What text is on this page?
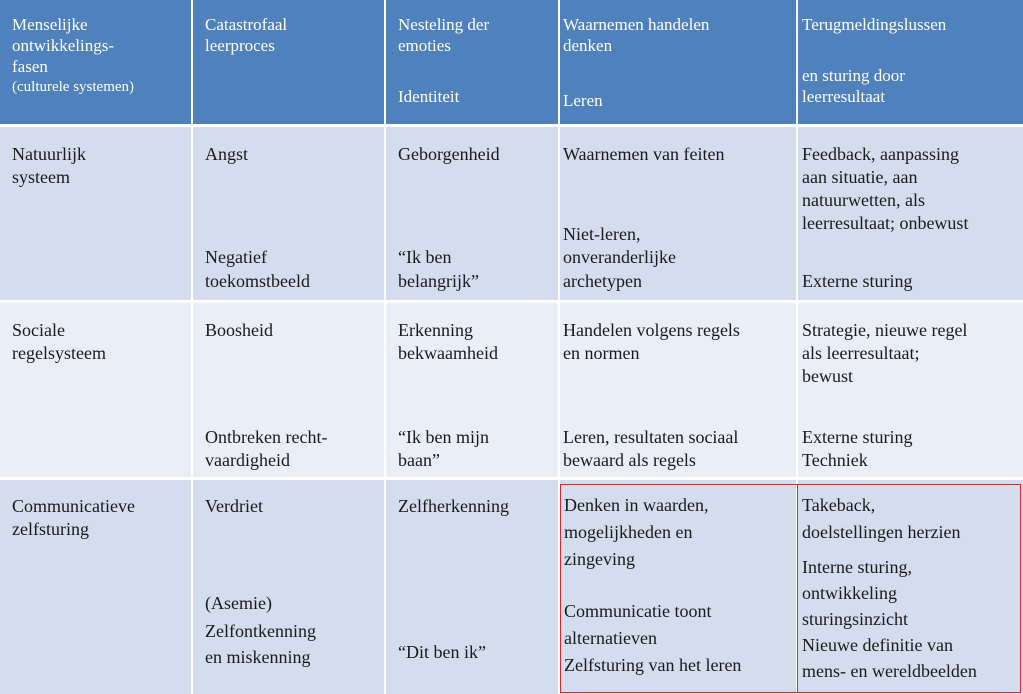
Menselijke
ontwikkelings-
fasen
(culturele systemen)
Catastrofaal
leerproces
Nesteling der
emoties
Identiteit
Waarnemen handelen
denken
Leren
Terugmeldingslussen
en sturing door
leerresultaat
Natuurlijk
systeem
Angst
Negatief
toekomstbeeld
Geborgenheid
“Ik ben
belangrijk”
Waarnemen van feiten
Niet-leren,
onveranderlijke
archetypen
Feedback, aanpassing
aan situatie, aan
natuurwetten, als
leerresultaat; onbewust
Externe sturing
Sociale
regelsysteem
Boosheid
Ontbreken recht-
vaardigheid
Erkenning
bekwaamheid
“Ik ben mijn
baan”
Handelen volgens regels
en normen
Leren, resultaten sociaal
bewaard als regels
Strategie, nieuwe regel
als leerresultaat;
bewust
Externe sturing
Techniek
Communicatieve
zelfsturing
Verdriet
(Asemie)
Zelfontkenning
en miskenning
Zelfherkenning
“Dit ben ik”
Denken in waarden,
mogelijkheden en
zingeving
Communicatie toont
alternatieven
Zelfsturing van het leren
Takeback,
doelstellingen herzien
Interne sturing,
ontwikkeling
sturingsinzicht
Nieuwe definitie van
mens- en wereldbeelden
